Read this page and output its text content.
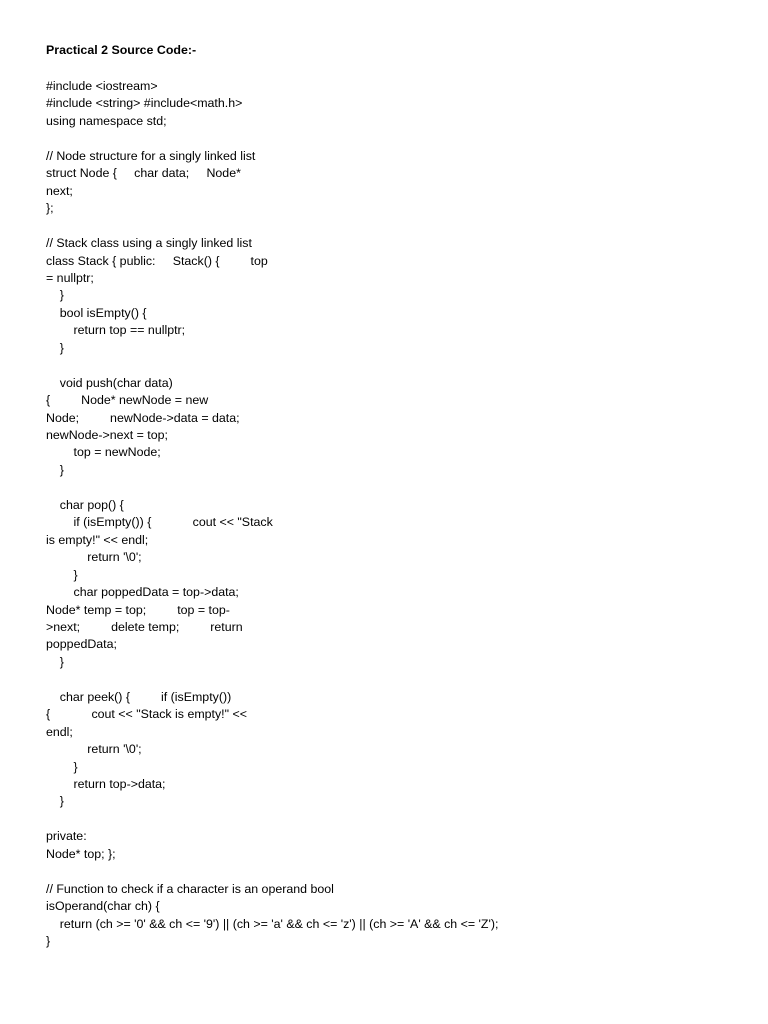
Practical 2 Source Code:-
#include <iostream>
#include <string> #include<math.h>
using namespace std;
// Node structure for a singly linked list
struct Node {     char data;     Node*
next;
};
// Stack class using a singly linked list
class Stack { public:     Stack() {         top
= nullptr;
}
bool isEmpty() {
return top == nullptr;
}
void push(char data)
{         Node* newNode = new
Node;         newNode->data = data;
newNode->next = top;
top = newNode;
}
char pop() {
if (isEmpty()) {            cout << "Stack
is empty!" << endl;
return '\0';
}
char poppedData = top->data;
Node* temp = top;         top = top-
>next;         delete temp;         return
poppedData;
}
char peek() {         if (isEmpty())
{            cout << "Stack is empty!" <<
endl;
return '\0';
}
return top->data;
}
private:
Node* top; };
// Function to check if a character is an operand bool
isOperand(char ch) {
return (ch >= '0' && ch <= '9') || (ch >= 'a' && ch <= 'z') || (ch >= 'A' && ch <= 'Z');
}
